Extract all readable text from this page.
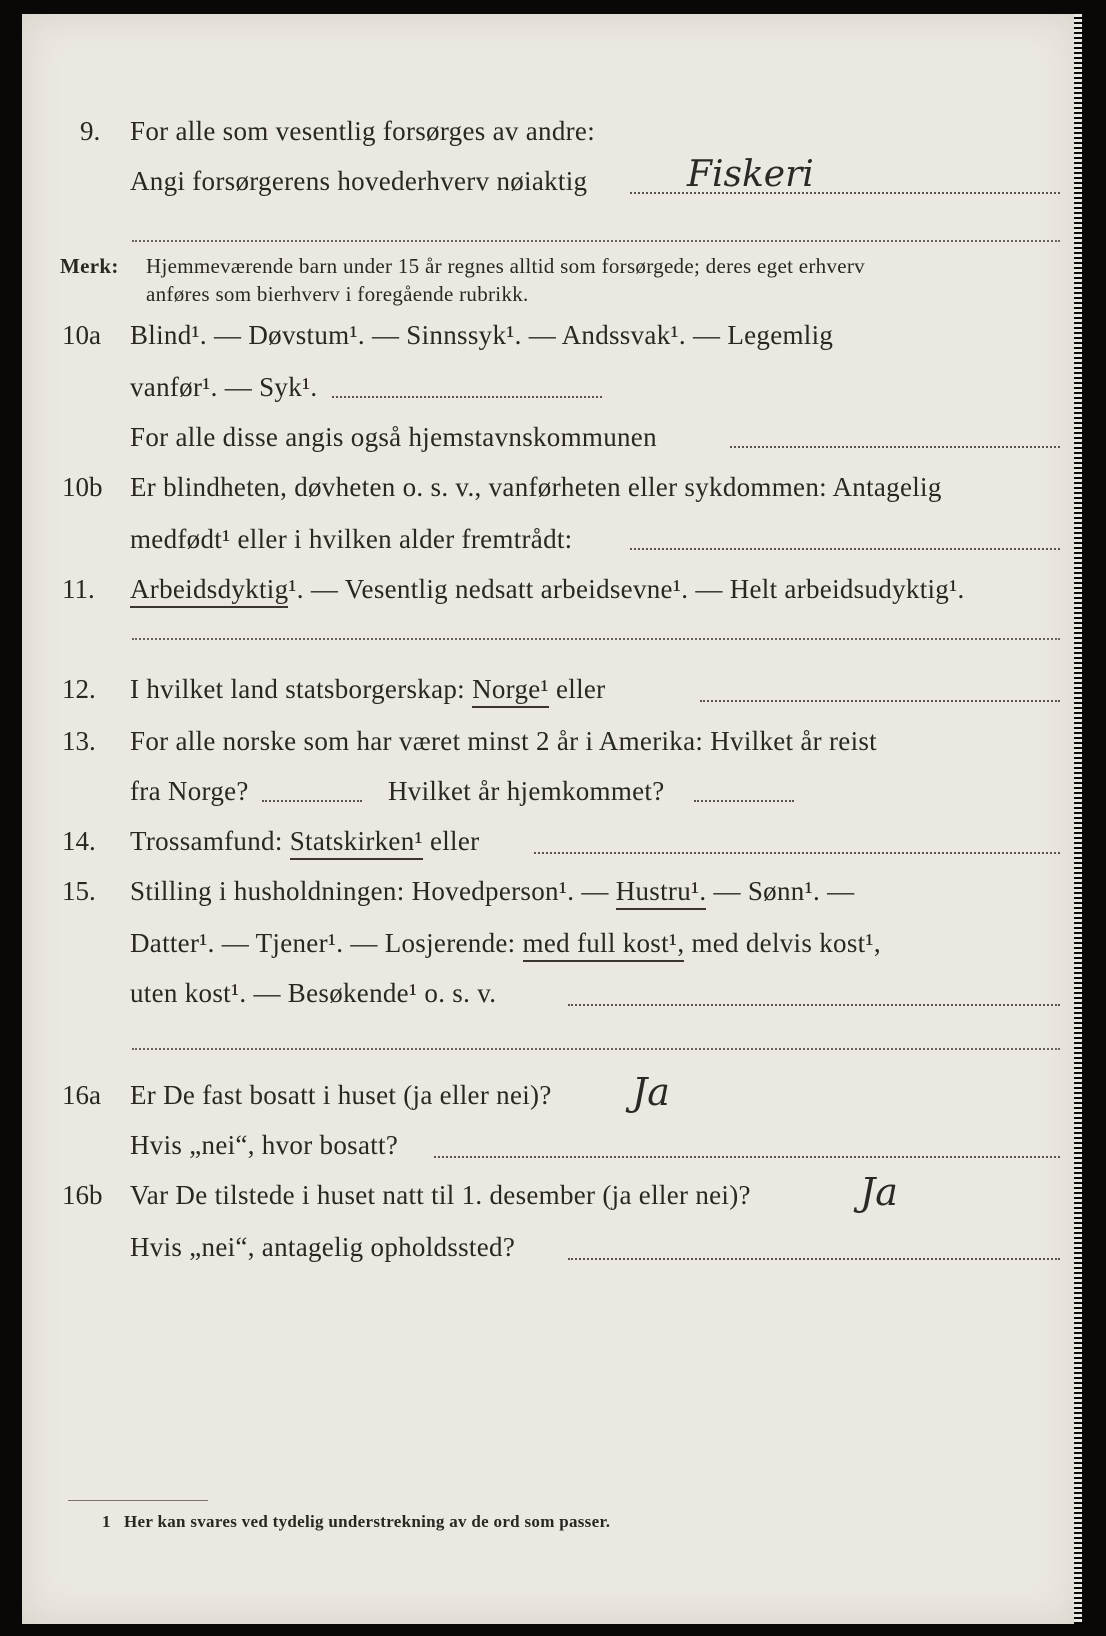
9. For alle som vesentlig forsørges av andre:
Angi forsørgerens hovederhverv nøiaktig	Fiskeri
Merk: Hjemmeværende barn under 15 år regnes alltid som forsørgede; deres eget erhverv
anføres som bierhverv i foregående rubrikk.
10a Blind¹. — Døvstum¹. — Sinnssyk¹. — Andssvak¹. — Legemlig
vanfør¹. — Syk¹.
For alle disse angis også hjemstavnskommunen
10b Er blindheten, døvheten o. s. v., vanførheten eller sykdommen: Antagelig
medfødt¹ eller i hvilken alder fremtrådt:
11. Arbeidsdyktig¹. — Vesentlig nedsatt arbeidsevne¹. — Helt arbeidsudyktig¹.
12. I hvilket land statsborgerskap: Norge¹ eller
13. For alle norske som har været minst 2 år i Amerika: Hvilket år reist
fra Norge?	Hvilket år hjemkommet?
14. Trossamfund: Statskirken¹ eller
15. Stilling i husholdningen: Hovedperson¹. — Hustru¹. — Sønn¹. —
Datter¹. — Tjener¹. — Losjerende: med full kost¹, med delvis kost¹,
uten kost¹. — Besøkende¹ o. s. v.
16a Er De fast bosatt i huset (ja eller nei)? Ja
Hvis „nei“, hvor bosatt?
16b Var De tilstede i huset natt til 1. desember (ja eller nei)?	Ja
Hvis „nei“, antagelig opholdssted?
1 Her kan svares ved tydelig understrekning av de ord som passer.
